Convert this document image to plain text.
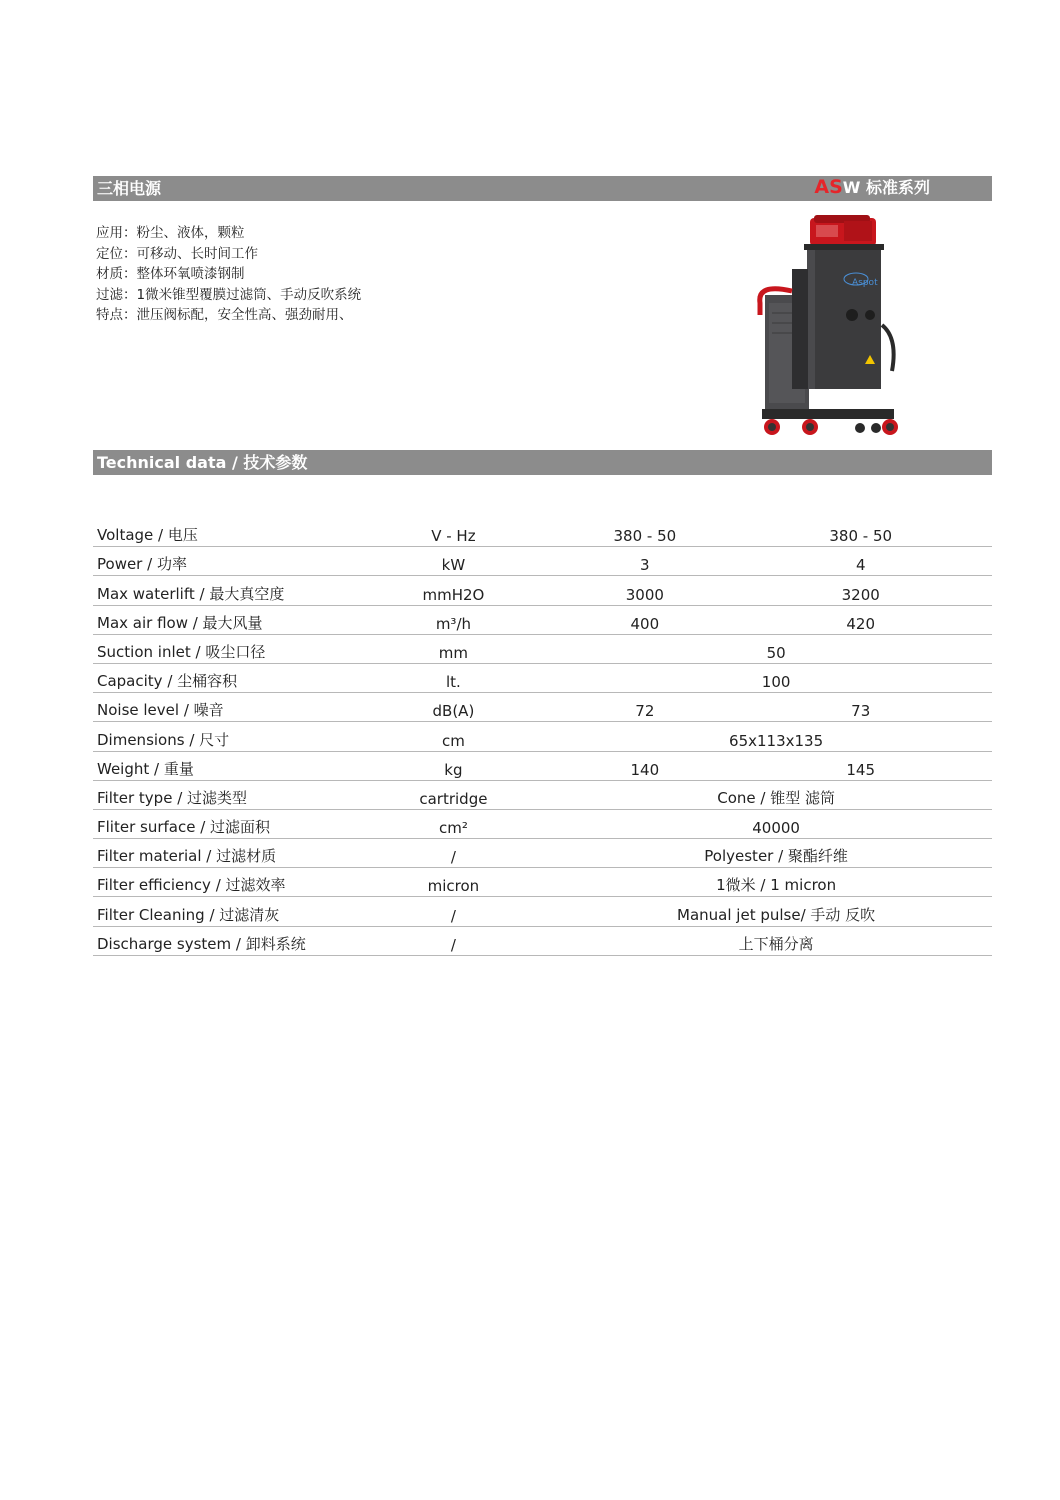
三相电源	ASW 标准系列
应用：粉尘、液体，颗粒
定位：可移动、长时间工作
材质：整体环氧喷漆钢制
过滤：1微米锥型覆膜过滤筒、手动反吹系统
特点：泄压阀标配，安全性高、强劲耐用、
Aspot
Technical data / 技术参数
Voltage / 电压	V - Hz	380 - 50	380 - 50
Power / 功率	kW	3	4
Max waterlift / 最大真空度	mmH2O	3000	3200
Max air flow / 最大风量	m³/h	400	420
Suction inlet / 吸尘口径	mm	50	
Capacity / 尘桶容积	lt.	100	
Noise level / 噪音	dB(A)	72	73
Dimensions / 尺寸	cm	65x113x135	
Weight / 重量	kg	140	145
Filter type / 过滤类型	cartridge	Cone / 锥型 滤筒	
Fliter surface / 过滤面积	cm²	40000	
Filter material / 过滤材质	/	Polyester / 聚酯纤维	
Filter efficiency / 过滤效率	micron	1微米 / 1 micron	
Filter Cleaning / 过滤清灰	/	Manual jet pulse/ 手动 反吹	
Discharge system / 卸料系统	/	上下桶分离	
